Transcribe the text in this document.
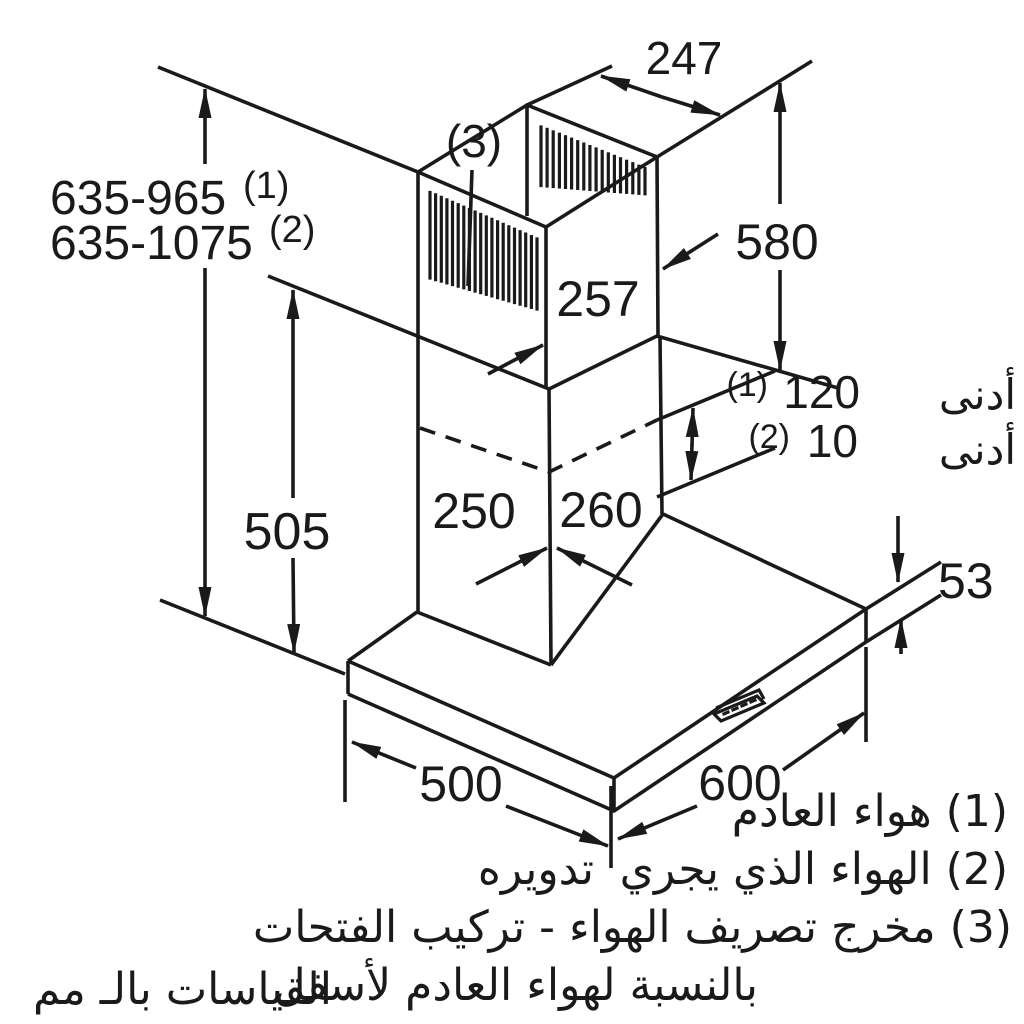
247
635-965 (1)
635-1075 (2)
(3)
580
257
505 250 260
53
500	600
أدنى
120
(1)
أدنى
10
(2)
(1) هواء العادم
(2) الهواء الذي يجري
تدويره
(3) مخرج تصريف الهواء - تركيب الفتحات
بالنسبة لهواء العادم لأسفل
القياسات بالـ مم
